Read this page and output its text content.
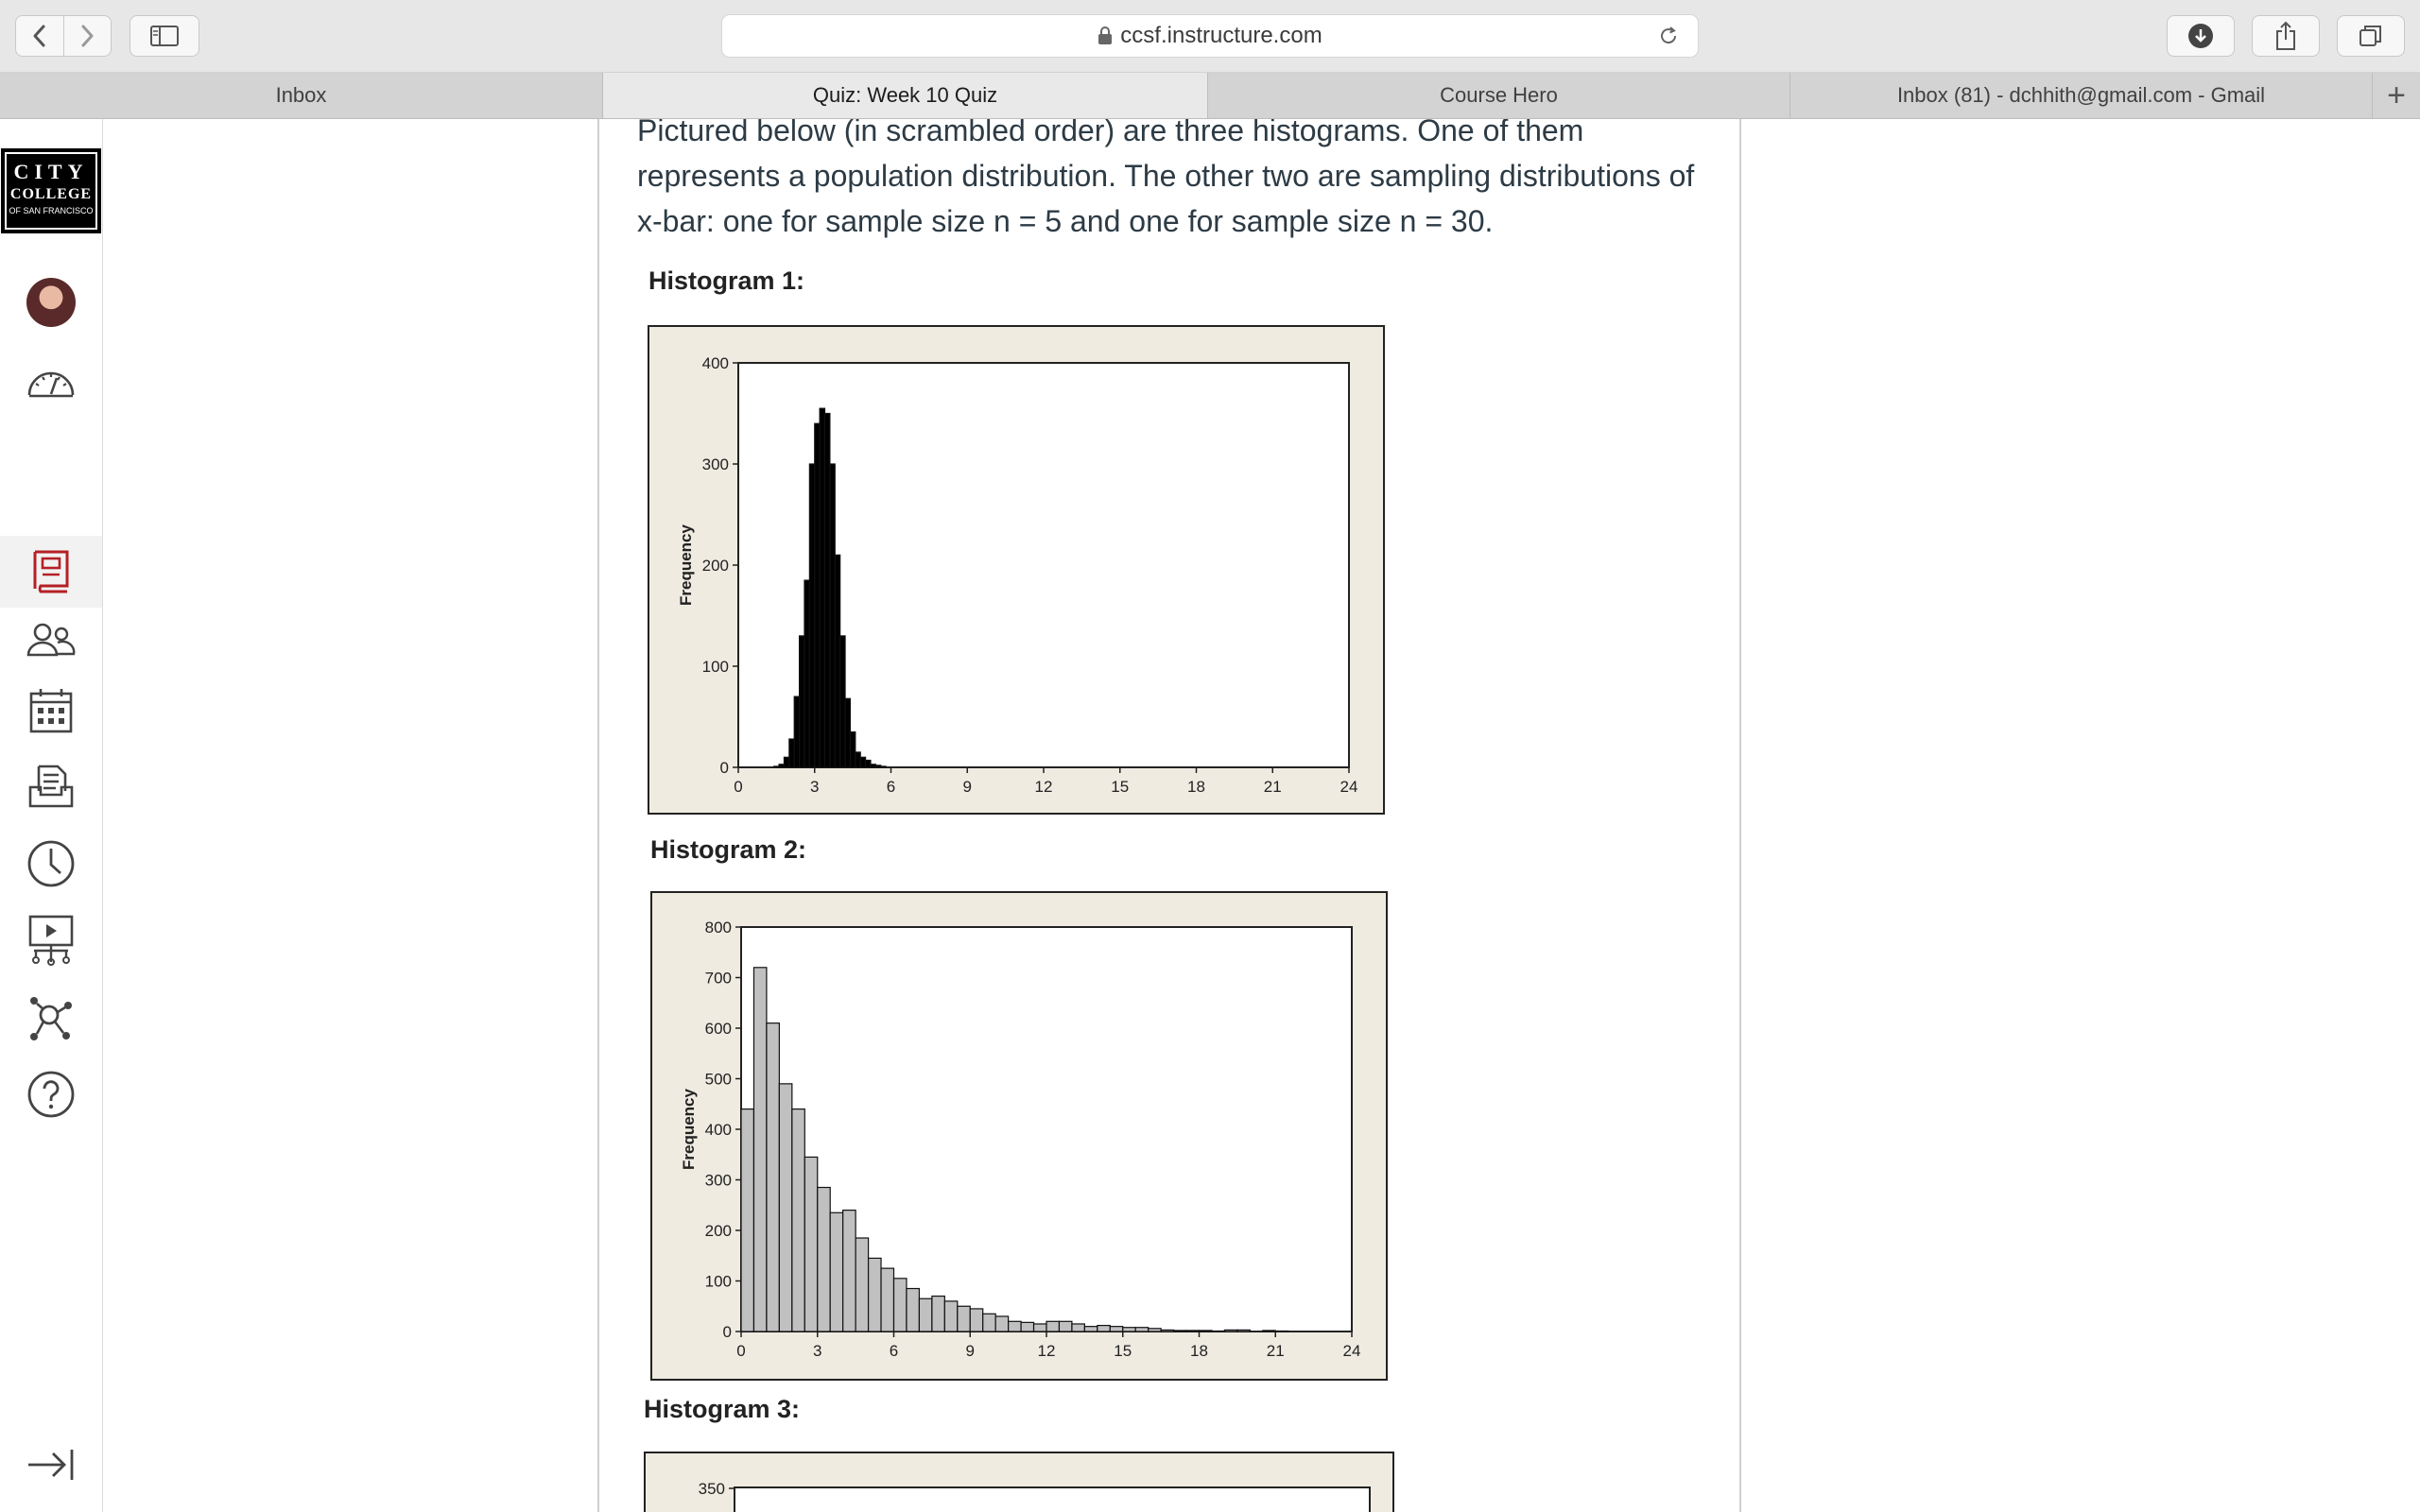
ccsf.instructure.com
Inbox	Quiz: Week 10 Quiz	Course Hero	Inbox (81) - dchhith@gmail.com - Gmail	+
CITY
COLLEGE
OF SAN FRANCISCO
Pictured below (in scrambled order) are three histograms. One of them represents a population distribution. The other two are sampling distributions of x-bar: one for sample size n = 5 and one for sample size n = 30.
Histogram 1:
0
100
200
300
400
0	3	6	9	12	15	18	21	24
Frequency
Histogram 2:
0
100
200
300
400
500
600
700
800
0	3	6	9	12	15	18	21	24
Frequency
Histogram 3:
350
